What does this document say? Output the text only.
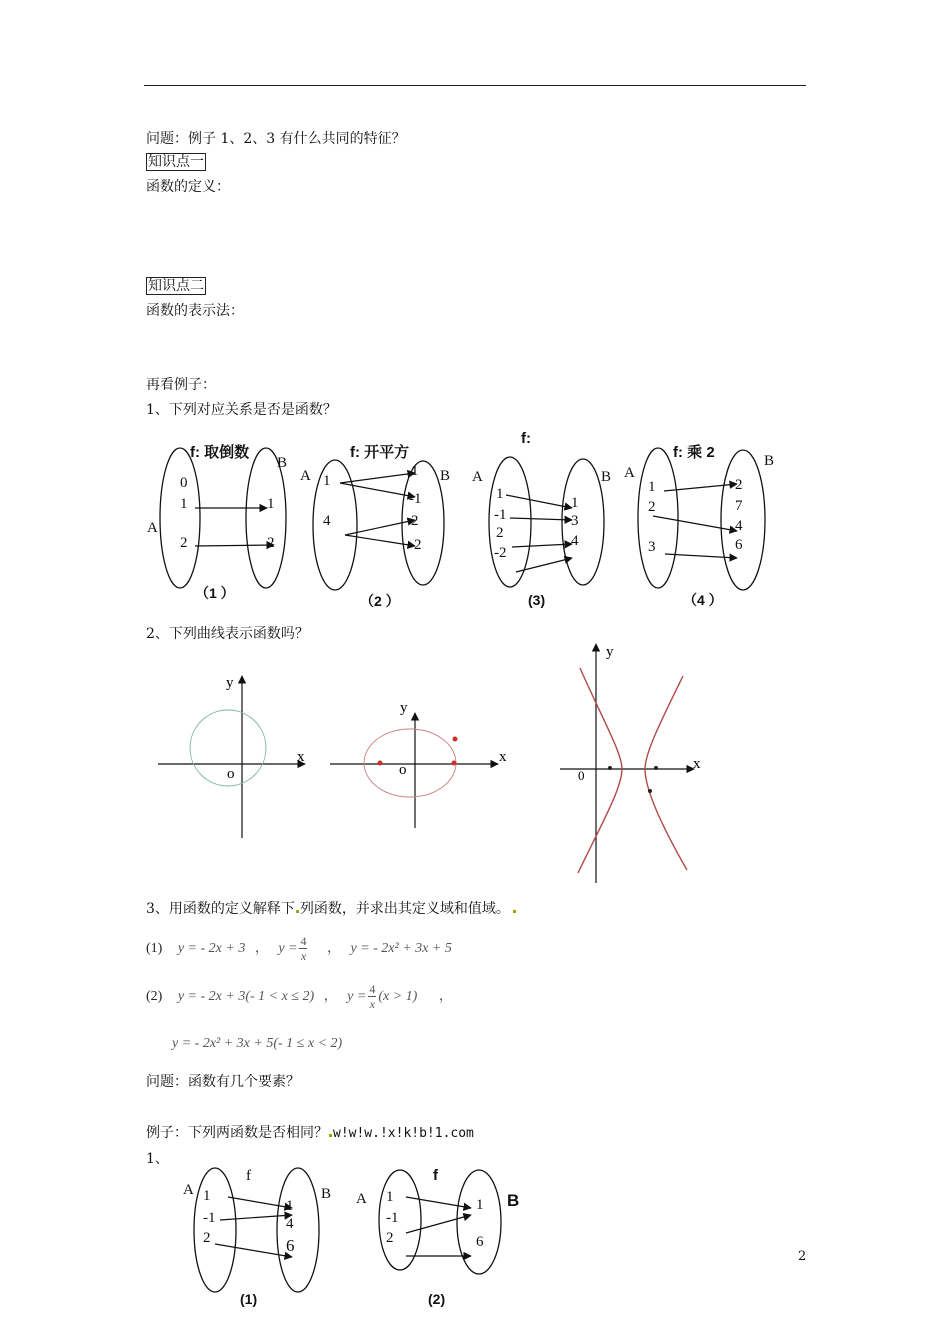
问题：例子 1、2、3 有什么共同的特征？
知识点一
函数的定义：
知识点二
函数的表示法：
再看例子：
1、下列对应关系是否是函数？
f: 取倒数	f: 开平方
f:
f: 乘 2
B
A
A	B A	B A
B
0
1
2
1
2
1
4
1
-1
2
-2
1
-1
2
-2
1
3
4
1
2
3
2
7
4
6
（1 ）	（2 ）	(3)	（4 ）
2、下列曲线表示函数吗？
y
x
o
y
x
o
y
x
0
3、用函数的定义解释下 列函数，并求出其定义域和值域。
(1) y = - 2x + 3 ， $y = \frac{4}{x}$ ， y = - 2x² + 3x + 5
(2) y = - 2x + 3(- 1 < x ≤ 2) ， $y = \frac{4}{x} (x > 1)$ ，
y = - 2x² + 3x + 5(- 1 ≤ x < 2)
问题：函数有几个要素？
例子：下列两函数是否相同？ w!w!w.!x!k!b!1.com
1、
f	f
A	B A	B
1
-1
2
1
4
6
1
-1
2
1
6
(1)	(2)
2
